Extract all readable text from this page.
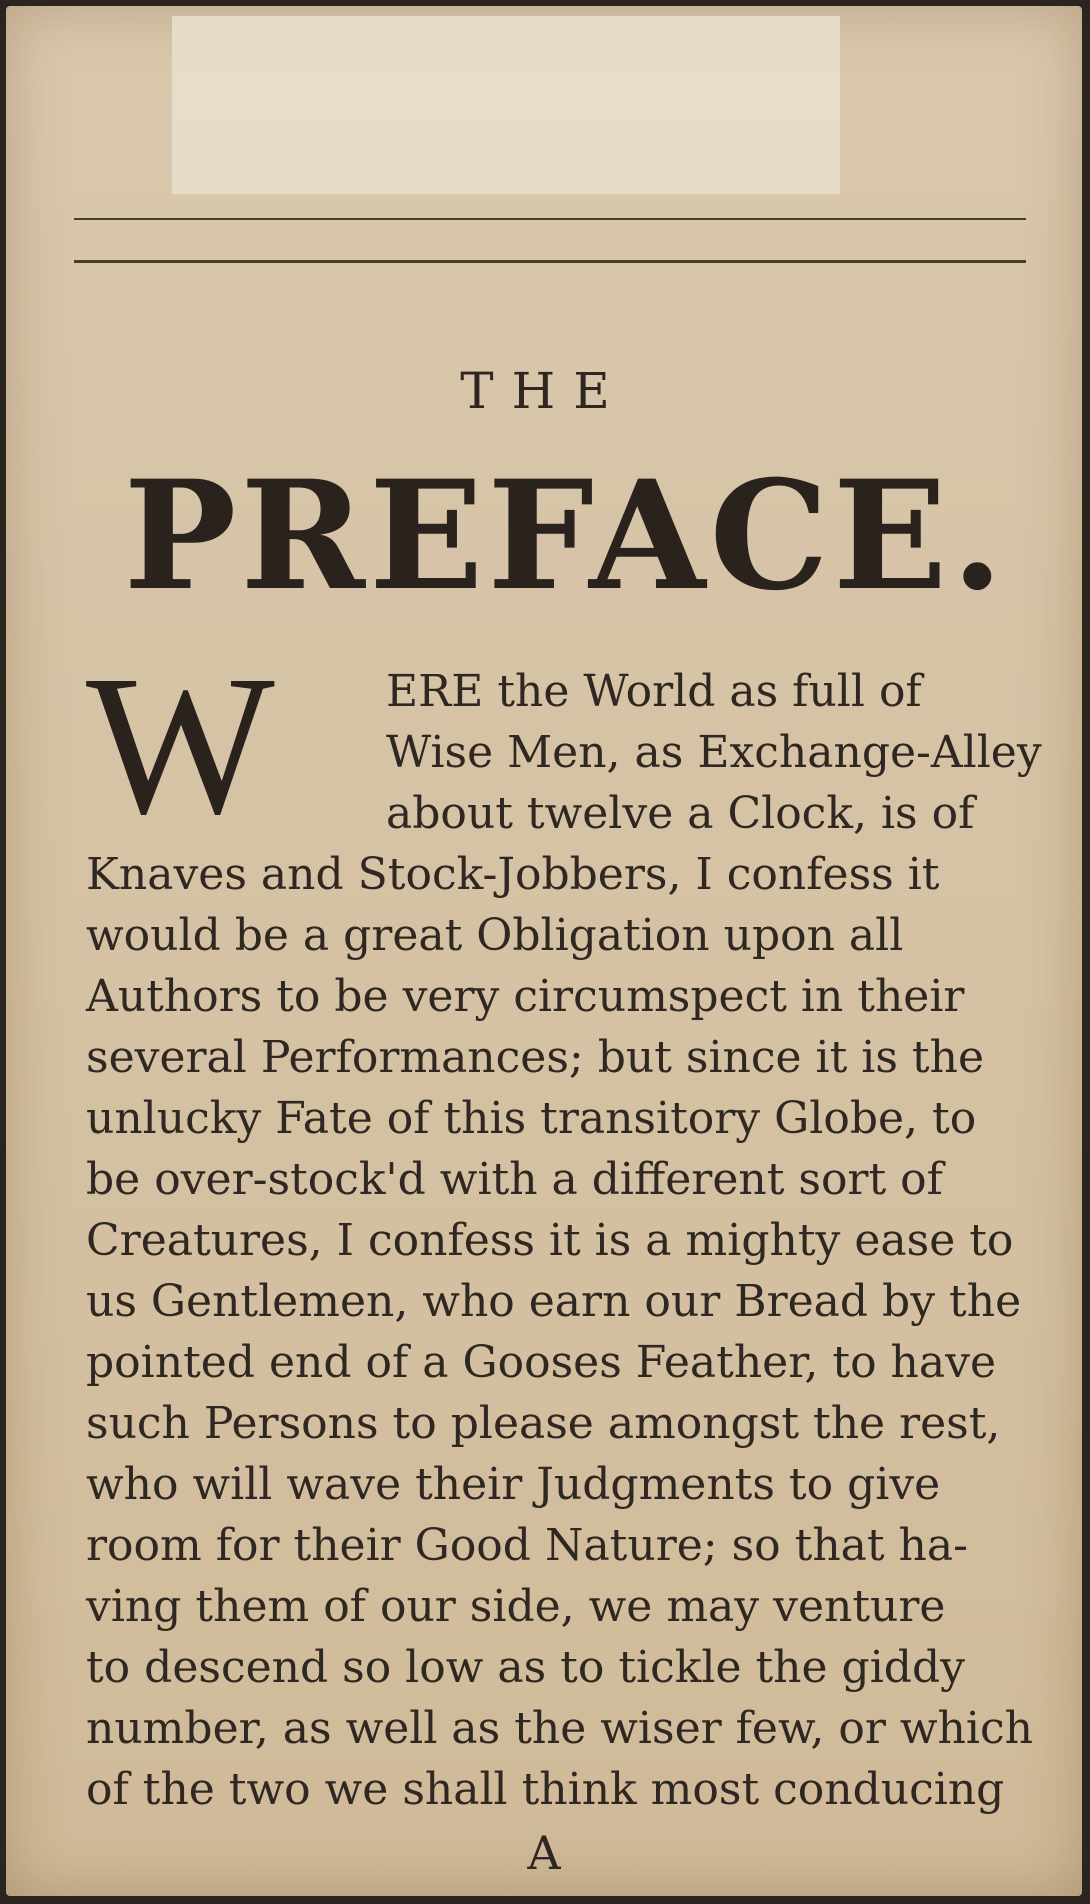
THE
PREFACE.
W	ERE the World as full of
Wise Men, as Exchange-Alley
about twelve a Clock, is of
Knaves and Stock-Jobbers, I confess it
would be a great Obligation upon all
Authors to be very circumspect in their
several Performances; but since it is the
unlucky Fate of this transitory Globe, to
be over-stock'd with a different sort of
Creatures, I confess it is a mighty ease to
us Gentlemen, who earn our Bread by the
pointed end of a Gooses Feather, to have
such Persons to please amongst the rest,
who will wave their Judgments to give
room for their Good Nature; so that ha-
ving them of our side, we may venture
to descend so low as to tickle the giddy
number, as well as the wiser few, or which
of the two we shall think most conducing
A
